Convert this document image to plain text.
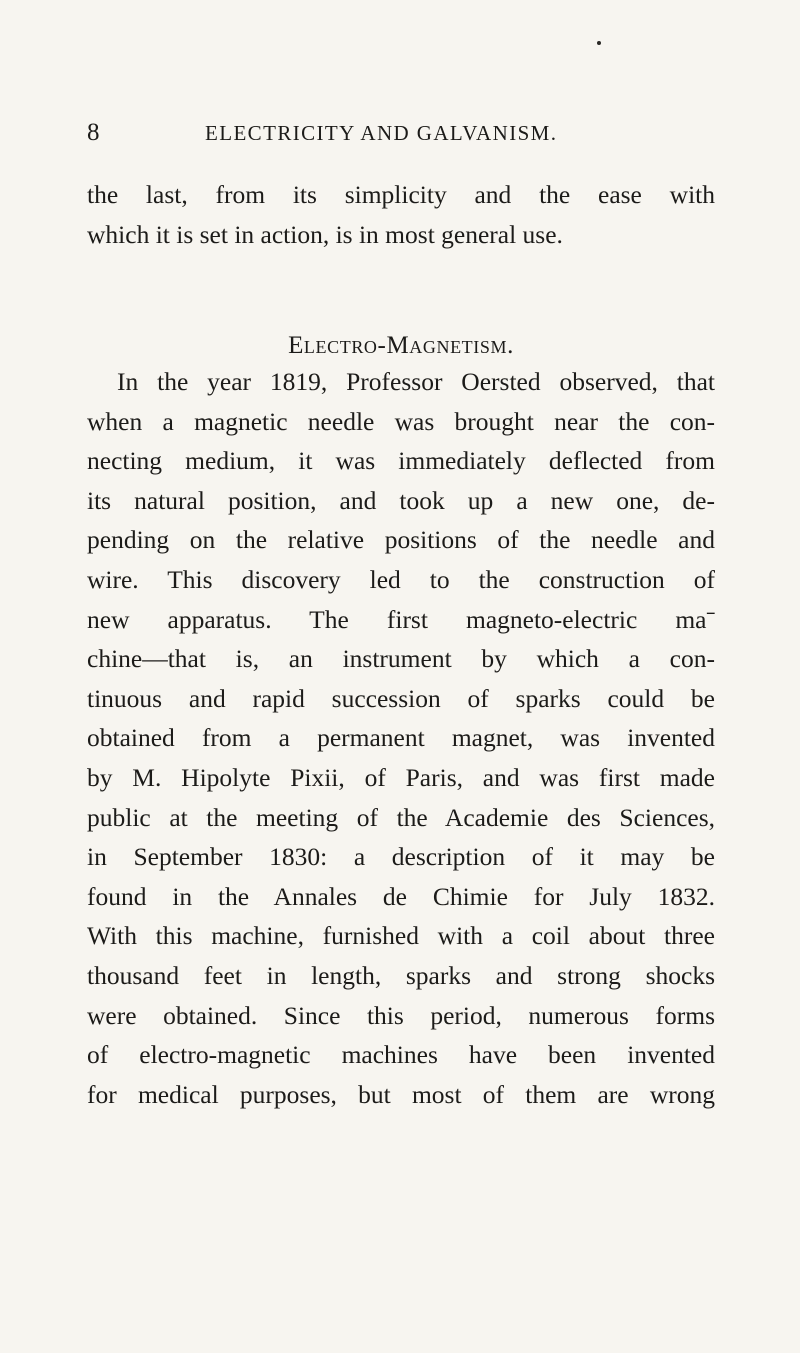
8	ELECTRICITY AND GALVANISM.
the last, from its simplicity and the ease with
which it is set in action, is in most general use.
Electro-Magnetism.
In the year 1819, Professor Oersted observed, that
when a magnetic needle was brought near the con-
necting medium, it was immediately deflected from
its natural position, and took up a new one, de-
pending on the relative positions of the needle and
wire. This discovery led to the construction of
new apparatus. The first magneto-electric maˉ
chine—that is, an instrument by which a con-
tinuous and rapid succession of sparks could be
obtained from a permanent magnet, was invented
by M. Hipolyte Pixii, of Paris, and was first made
public at the meeting of the Academie des Sciences,
in September 1830: a description of it may be
found in the Annales de Chimie for July 1832.
With this machine, furnished with a coil about three
thousand feet in length, sparks and strong shocks
were obtained. Since this period, numerous forms
of electro-magnetic machines have been invented
for medical purposes, but most of them are wrong
